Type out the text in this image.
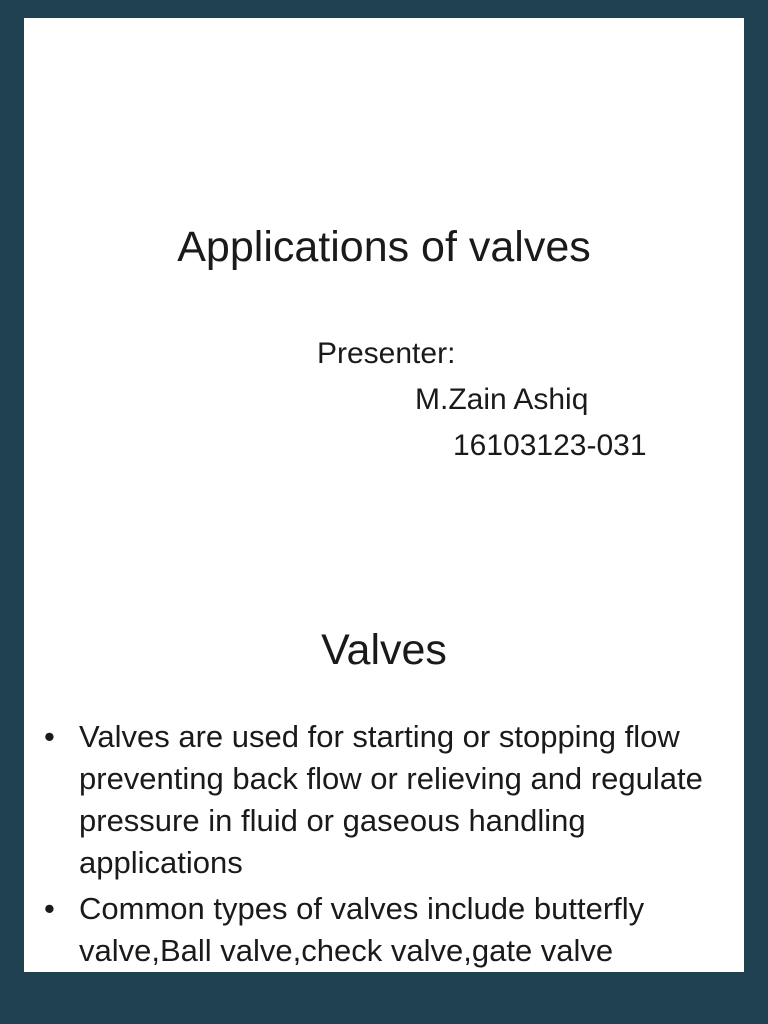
Applications of valves
Presenter:
M.Zain Ashiq
16103123-031
Valves
• Valves are used for starting or stopping flow
preventing back flow or relieving and regulate
pressure in fluid or gaseous handling
applications
• Common types of valves include butterfly
valve,Ball valve,check valve,gate valve
